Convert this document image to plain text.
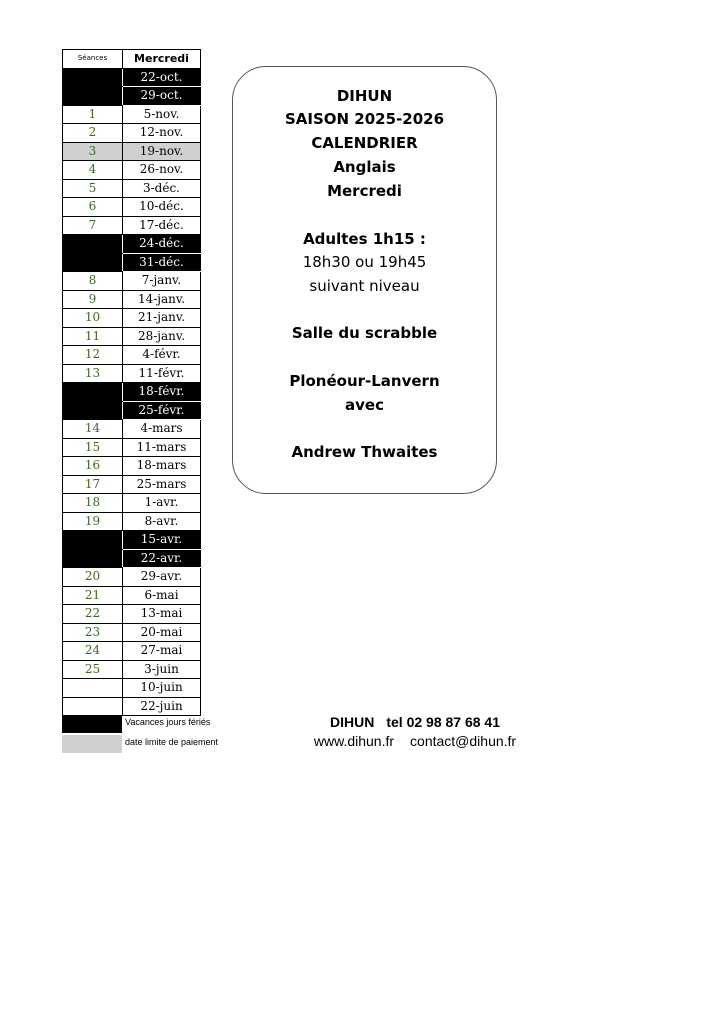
Séances	Mercredi
	22-oct.
	29-oct.
1	5-nov.
2	12-nov.
3	19-nov.
4	26-nov.
5	3-déc.
6	10-déc.
7	17-déc.
	24-déc.
	31-déc.
8	7-janv.
9	14-janv.
10	21-janv.
11	28-janv.
12	4-févr.
13	11-févr.
	18-févr.
	25-févr.
14	4-mars
15	11-mars
16	18-mars
17	25-mars
18	1-avr.
19	8-avr.
	15-avr.
	22-avr.
20	29-avr.
21	6-mai
22	13-mai
23	20-mai
24	27-mai
25	3-juin
	10-juin
	22-juin
Vacances jours fériés
date limite de paiement
DIHUN
SAISON 2025-2026
CALENDRIER
Anglais
Mercredi
Adultes 1h15 :
18h30 ou 19h45
suivant niveau
Salle du scrabble
Plonéour-Lanvern
avec
Andrew Thwaites
DIHUN tel 02 98 87 68 41
www.dihun.fr contact@dihun.fr
